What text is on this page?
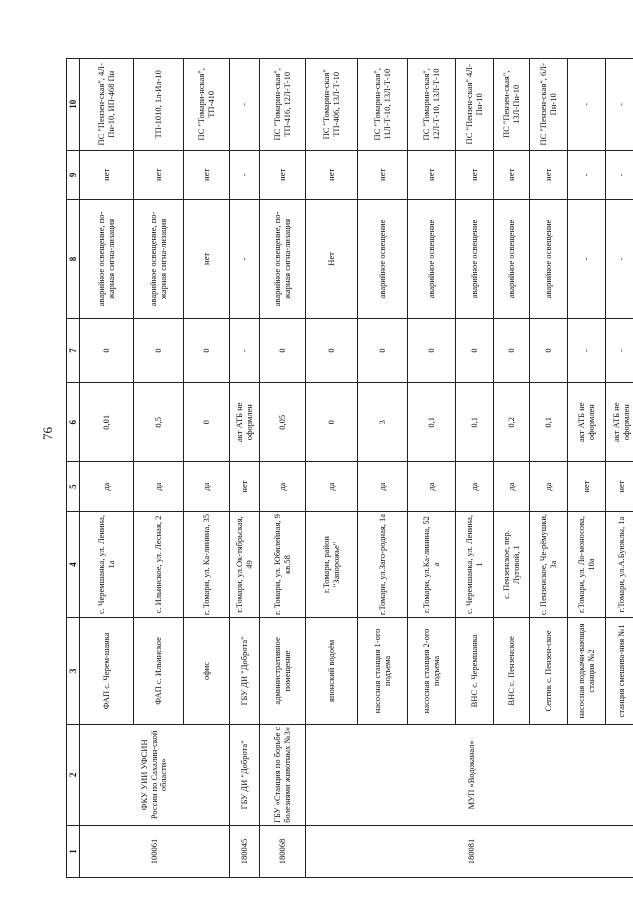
76
1	2	3	4	5	6	7	8	9	10
100061	ФКУ УИИ УФСИН России по Сахалин-ской области»	ФАП с. Черем-шанка	с. Черемшанка, ул. Ленина, 1а	да	0,01	0	аварийное освещение, по-жарная сигна-лизация	нет	ПС "Пензен-ская", 4Л-Пн-10, ИП-468 Пн
		ФАП с. Ильинское	с. Ильинское, ул. Лесная, 2	да	0,5	0	аварийное освещение, по-жарная сигна-лизация	нет	ТП-1010, 1л-Ил-10
		офис	г. Томари, ул. Ка-линина, 35	да	0	0	нет	нет	ПС "Томари-нская", ТП-410
180045	ГБУ ДИ "Доброта"	ГБУ ДИ "Доброта"	г.Томари, ул.Ок-тябрьская, 49	нет	акт АТБ не оформлен	-	-	-	-
180068	ГБУ «Станция по борьбе с болезнями животных №3»	административное помещение	г. Томари, ул. Юбилейная, 9 кв.58	да	0,05	0	аварийное освещение, по-жарная сигна-лизация	нет	ПС "Томарин-ская", ТП-416, 12Л-Т-10
180081	МУП «Водоканал»	японский водоём	г.Томари, район "Запорожье"	да	0	0	Нет	нет	ПС "Томарин-ская" ТП-406, 13Л-Т-10
		насосная станция 1-ого подъема	г.Томари, ул.Заго-родная, 1а	да	3	0	аварийное освещение	нет	ПС "Томарин-ская", 11Л-Т-10, 13Л-Т-10
		насосная станция 2-ого подъема	г.Томари, ул.Ка-линина, 52 а	да	0,1	0	аварийное освещение	нет	ПС "Томарин-ская", 12Л-Т-10, 13Л-Т-10
		ВНС с. Черемшанка	с. Черемшанка, ул. Ленина, 1	да	0,1	0	аварийное освещение	нет	ПС "Пензен-ская" 4Л-Пн-10
		ВНС с. Пензенское	с. Пензенское, пер. Луговой, 1	да	0,2	0	аварийное освещение	нет	ПС "Пензен-ская", 13Л-Пн-10
		Септик с. Пензен-ское	с. Пензенское, Че-рёмушки, 3а	да	0,1	0	аварийное освещение	нет	ПС "Пензен-ская", 6Л-Пн-10
		насосная подкачи-вающая станция №2	г.Томари, ул. Ло-моносова, 10а	нет	акт АТБ не оформлен	-	-	-	-
		станция смешива-ния №1	г.Томари, ул.А.Буюклы, 1а	нет	акт АТБ не оформлен	-	-	-	-
